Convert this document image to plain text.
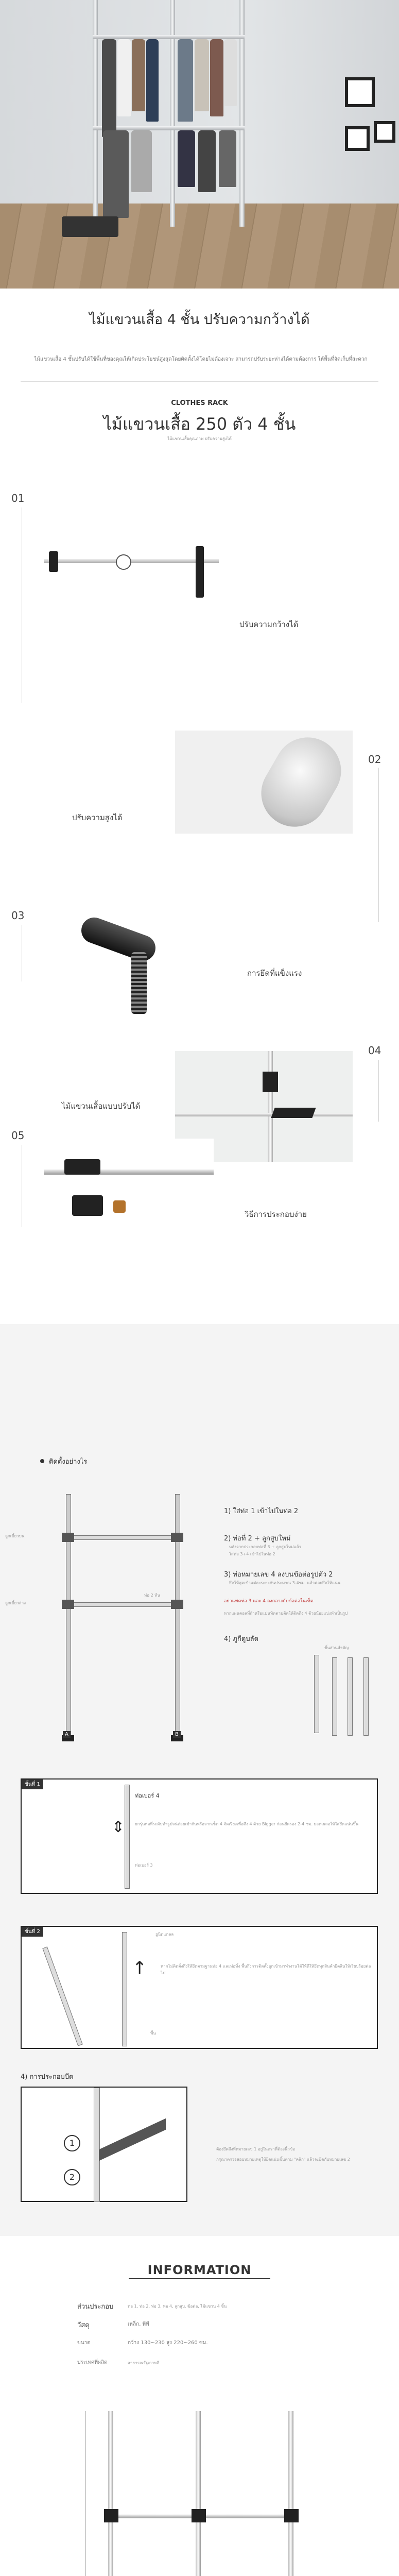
ไม้แขวนเสื้อ 4 ชั้น ปรับความกว้างได้
ไม้แขวนเสื้อ 4 ชั้นปรับได้ใช้พื้นที่ของคุณให้เกิดประโยชน์สูงสุดโดยติดตั้งได้โดยไม่ต้องเจาะ สามารถปรับระยะห่างได้ตามต้องการ ให้พื้นที่จัดเก็บที่สะดวก
CLOTHES RACK
ไม้แขวนเสื้อ 250 ตัว 4 ชั้น
ไม้แขวนเสื้อคุณภาพ ปรับความสูงได้
01
ปรับความกว้างได้
02
ปรับความสูงได้
03
การยึดที่แข็งแรง
04
ไม้แขวนเสื้อแบบปรับได้
05
วิธีการประกอบง่าย
ติดตั้งอย่างไร
ลูกเบี้ยวบน
ลูกเบี้ยวล่าง
ท่อ 2 ท้น
A	B
1) ใส่ท่อ 1 เข้าไปในท่อ 2
2) ท่อที่ 2 + ลูกสูบใหม่
หลังจากประกอบท่อที่ 3 + ลูกสูบใหม่แล้ว
ใส่ท่อ 3+4 เข้าไปในท่อ 2
3) ท่อหมายเลข 4 ลงบนข้อต่อรูปตัว 2
ยึดให้สุดเข้าแต่ละระยะกันประมาณ 3-4ซม. แล้วค่อยยึดให้แน่น
อย่าแพคท่อ 3 และ 4 ลงกลางกับข้อต่อในเซ็ต
หากแผนคอลที่ถ้าหรือแม่นทิตตามติดให้ติดถึง 4 ด้วยน้อยแบ่งทำเป็นรูป
4) ภูกีดูบลัด
ชิ้นส่วนสำคัญ
ขั้นที่ 1
ท่อเบอร์ 4
⇕ ยกรุ่นท่อที่ระดับทำรูปจน่ต่อยเข้ากันหรือจากเซ็ต 4 จัดเรียงเพื่อดึง 4 ด้วย Bigger ก่อนยึดรอง 2-4 ซม. ยอดเผลอให้ใส่ยึดแน่นขึ้น
ท่อเบอร์ 3
ขั้นที่ 2	ยูนิตแกลล
↑	หากไม่ติดตั้งถึงให้ยึดตามฐานท่อ 4 และท่อทิ้ง พื้นถึงการติดตั้งถูกเข้ามาทำงานได้ให้ดีให้ยึดทุกสินค้ายึดสินให้เรียบร้อยต่อไป
พื้น
4) การประกอบบีด
1
2
ต้องยึดถึงที่หมายเลข 1 อยู่ในตราที่ต้องนิ้วข้อ
กรุณาตรวจสอบหมายเหตุให้ยึดแน่นขึ้นตาม "คลิก" แล้วจะยึดกับหมายเลข 2
INFORMATION
ส่วนประกอบ	ท่อ 1, ท่อ 2, ท่อ 3, ท่อ 4, ลูกสูบ, ข้อต่อ, ไม้แขวน 4 ชิ้น
วัสดุ	เหล็ก, พีพี
ขนาด	กว้าง 130~230 สูง 220~260 ซม.
ประเทศที่ผลิต	สาธารณรัฐเกาหลี
